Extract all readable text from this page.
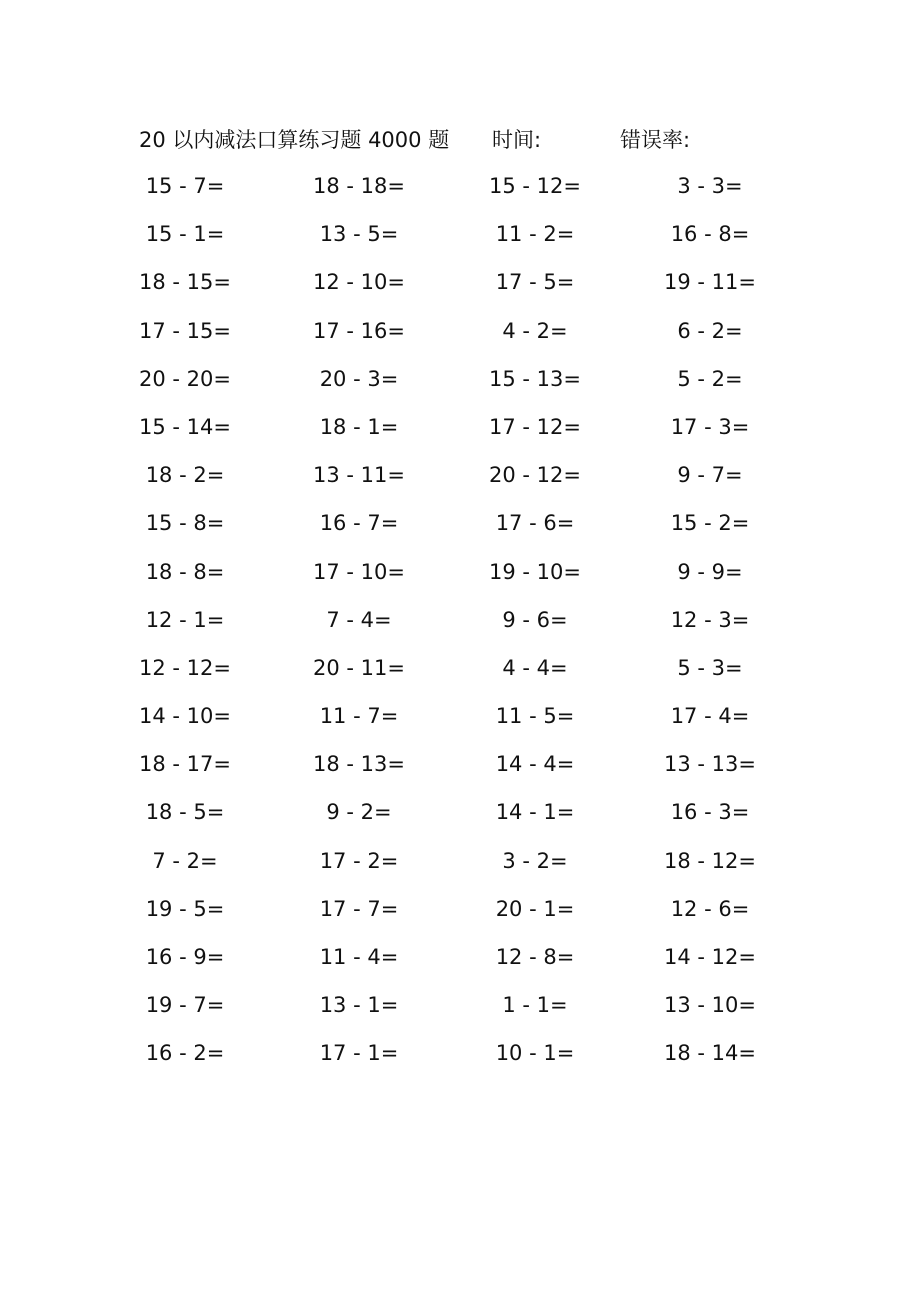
20 以内减法口算练习题 4000 题 时间:	错误率:
15 - 7=	18 - 18=	15 - 12=	3 - 3=
15 - 1=	13 - 5=	11 - 2=	16 - 8=
18 - 15=	12 - 10=	17 - 5=	19 - 11=
17 - 15=	17 - 16=	4 - 2=	6 - 2=
20 - 20=	20 - 3=	15 - 13=	5 - 2=
15 - 14=	18 - 1=	17 - 12=	17 - 3=
18 - 2=	13 - 11=	20 - 12=	9 - 7=
15 - 8=	16 - 7=	17 - 6=	15 - 2=
18 - 8=	17 - 10=	19 - 10=	9 - 9=
12 - 1=	7 - 4=	9 - 6=	12 - 3=
12 - 12=	20 - 11=	4 - 4=	5 - 3=
14 - 10=	11 - 7=	11 - 5=	17 - 4=
18 - 17=	18 - 13=	14 - 4=	13 - 13=
18 - 5=	9 - 2=	14 - 1=	16 - 3=
7 - 2=	17 - 2=	3 - 2=	18 - 12=
19 - 5=	17 - 7=	20 - 1=	12 - 6=
16 - 9=	11 - 4=	12 - 8=	14 - 12=
19 - 7=	13 - 1=	1 - 1=	13 - 10=
16 - 2=	17 - 1=	10 - 1=	18 - 14=
